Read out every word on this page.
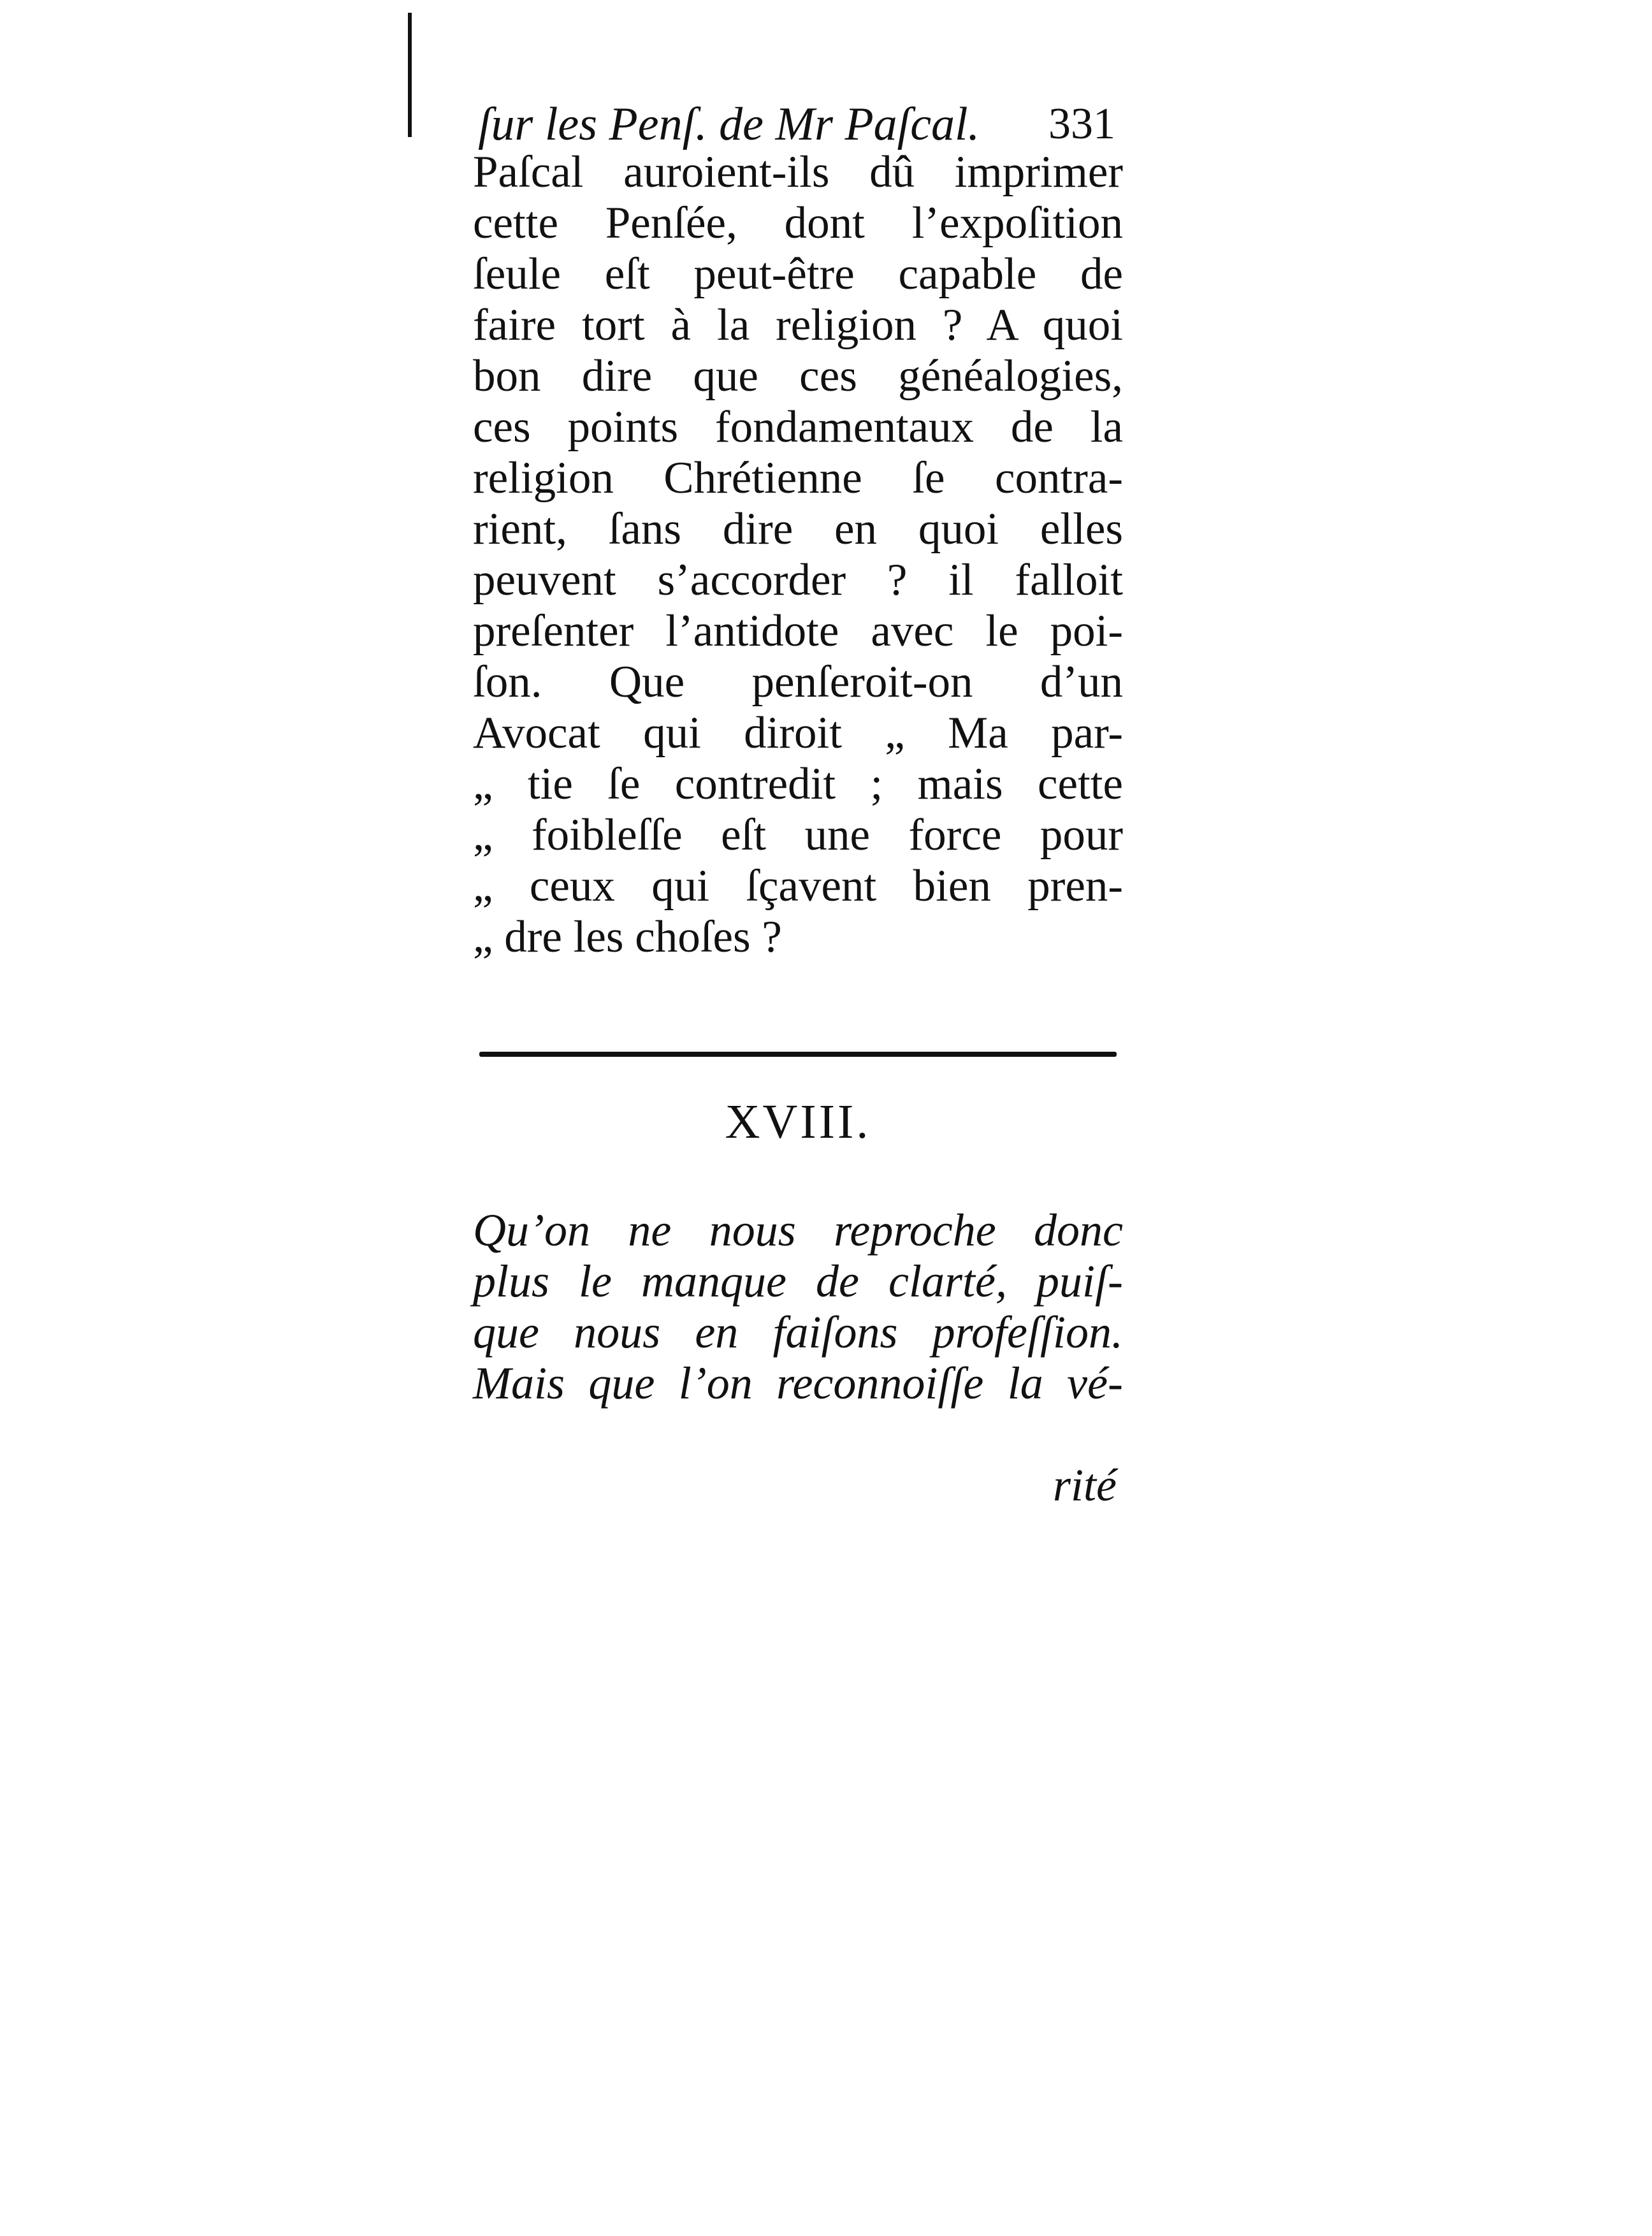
ſur les Penſ. de Mr Paſcal. 331
Paſcal auroient-ils dû imprimer
cette Penſée, dont l’expoſition
ſeule eſt peut-être capable de
faire tort à la religion ? A quoi
bon dire que ces généalogies,
ces points fondamentaux de la
religion Chrétienne ſe contra-
rient, ſans dire en quoi elles
peuvent s’accorder ? il falloit
preſenter l’antidote avec le poi-
ſon. Que penſeroit-on d’un
Avocat qui diroit „ Ma par-
„ tie ſe contredit ; mais cette
„ foibleſſe eſt une force pour
„ ceux qui ſçavent bien pren-
„ dre les choſes ?
XVIII.
Qu’on ne nous reproche donc
plus le manque de clarté, puiſ-
que nous en faiſons profeſſion.
Mais que l’on reconnoiſſe la vé-
rité
